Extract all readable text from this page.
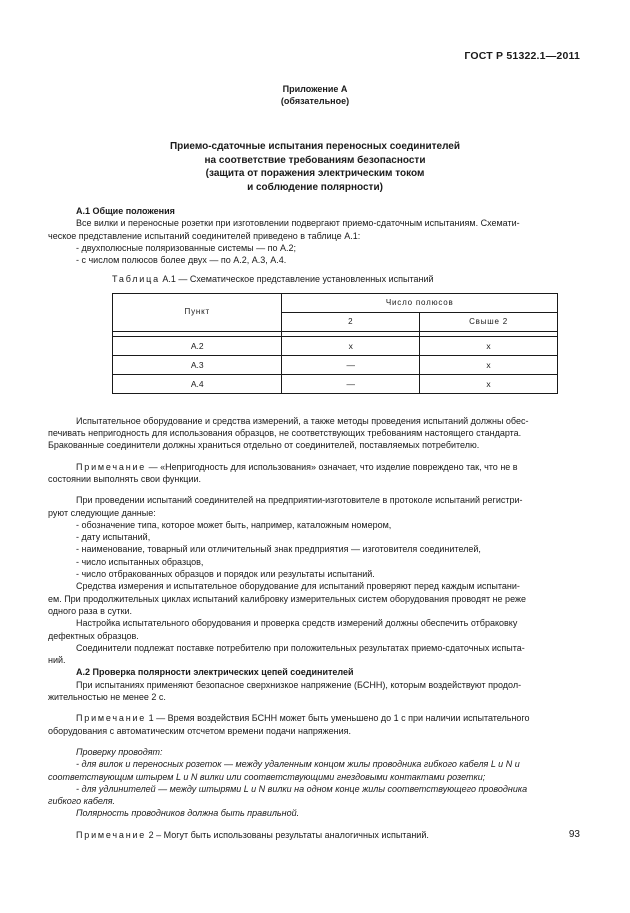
ГОСТ Р 51322.1—2011
Приложение А
(обязательное)
Приемо-сдаточные испытания переносных соединителей
на соответствие требованиям безопасности
(защита от поражения электрическим током
и соблюдение полярности)
А.1 Общие положения
Все вилки и переносные розетки при изготовлении подвергают приемо-сдаточным испытаниям. Схемати-
ческое представление испытаний соединителей приведено в таблице А.1:
- двухполюсные поляризованные системы — по А.2;
- с числом полюсов более двух — по А.2, А.3, А.4.
Таблица А.1 — Схематическое представление установленных испытаний
Пункт	Число полюсов	
	2	Свыше 2

А.2	x	x
А.3	—	x
А.4	—	x
Испытательное оборудование и средства измерений, а также методы проведения испытаний должны обес-
печивать непригодность для использования образцов, не соответствующих требованиям настоящего стандарта.
Бракованные соединители должны храниться отдельно от соединителей, поставляемых потребителю.
Примечание — «Непригодность для использования» означает, что изделие повреждено так, что не в
состоянии выполнять свои функции.
При проведении испытаний соединителей на предприятии-изготовителе в протоколе испытаний регистри-
руют следующие данные:
- обозначение типа, которое может быть, например, каталожным номером,
- дату испытаний,
- наименование, товарный или отличительный знак предприятия — изготовителя соединителей,
- число испытанных образцов,
- число отбракованных образцов и порядок или результаты испытаний.
Средства измерения и испытательное оборудование для испытаний проверяют перед каждым испытани-
ем. При продолжительных циклах испытаний калибровку измерительных систем оборудования проводят не реже
одного раза в сутки.
Настройка испытательного оборудования и проверка средств измерений должны обеспечить отбраковку
дефектных образцов.
Соединители подлежат поставке потребителю при положительных результатах приемо-сдаточных испыта-
ний.
А.2 Проверка полярности электрических цепей соединителей
При испытаниях применяют безопасное сверхнизкое напряжение (БСНН), которым воздействуют продол-
жительностью не менее 2 с.
Примечание 1 — Время воздействия БСНН может быть уменьшено до 1 с при наличии испытательного
оборудования с автоматическим отсчетом времени подачи напряжения.
Проверку проводят:
- для вилок и переносных розеток — между удаленным концом жилы проводника гибкого кабеля L и N и
соответствующим штырем L и N вилки или соответствующими гнездовыми контактами розетки;
- для удлинителей — между штырями L и N вилки на одном конце жилы соответствующего проводника
гибкого кабеля.
Полярность проводников должна быть правильной.
Примечание 2 – Могут быть использованы результаты аналогичных испытаний.	93
